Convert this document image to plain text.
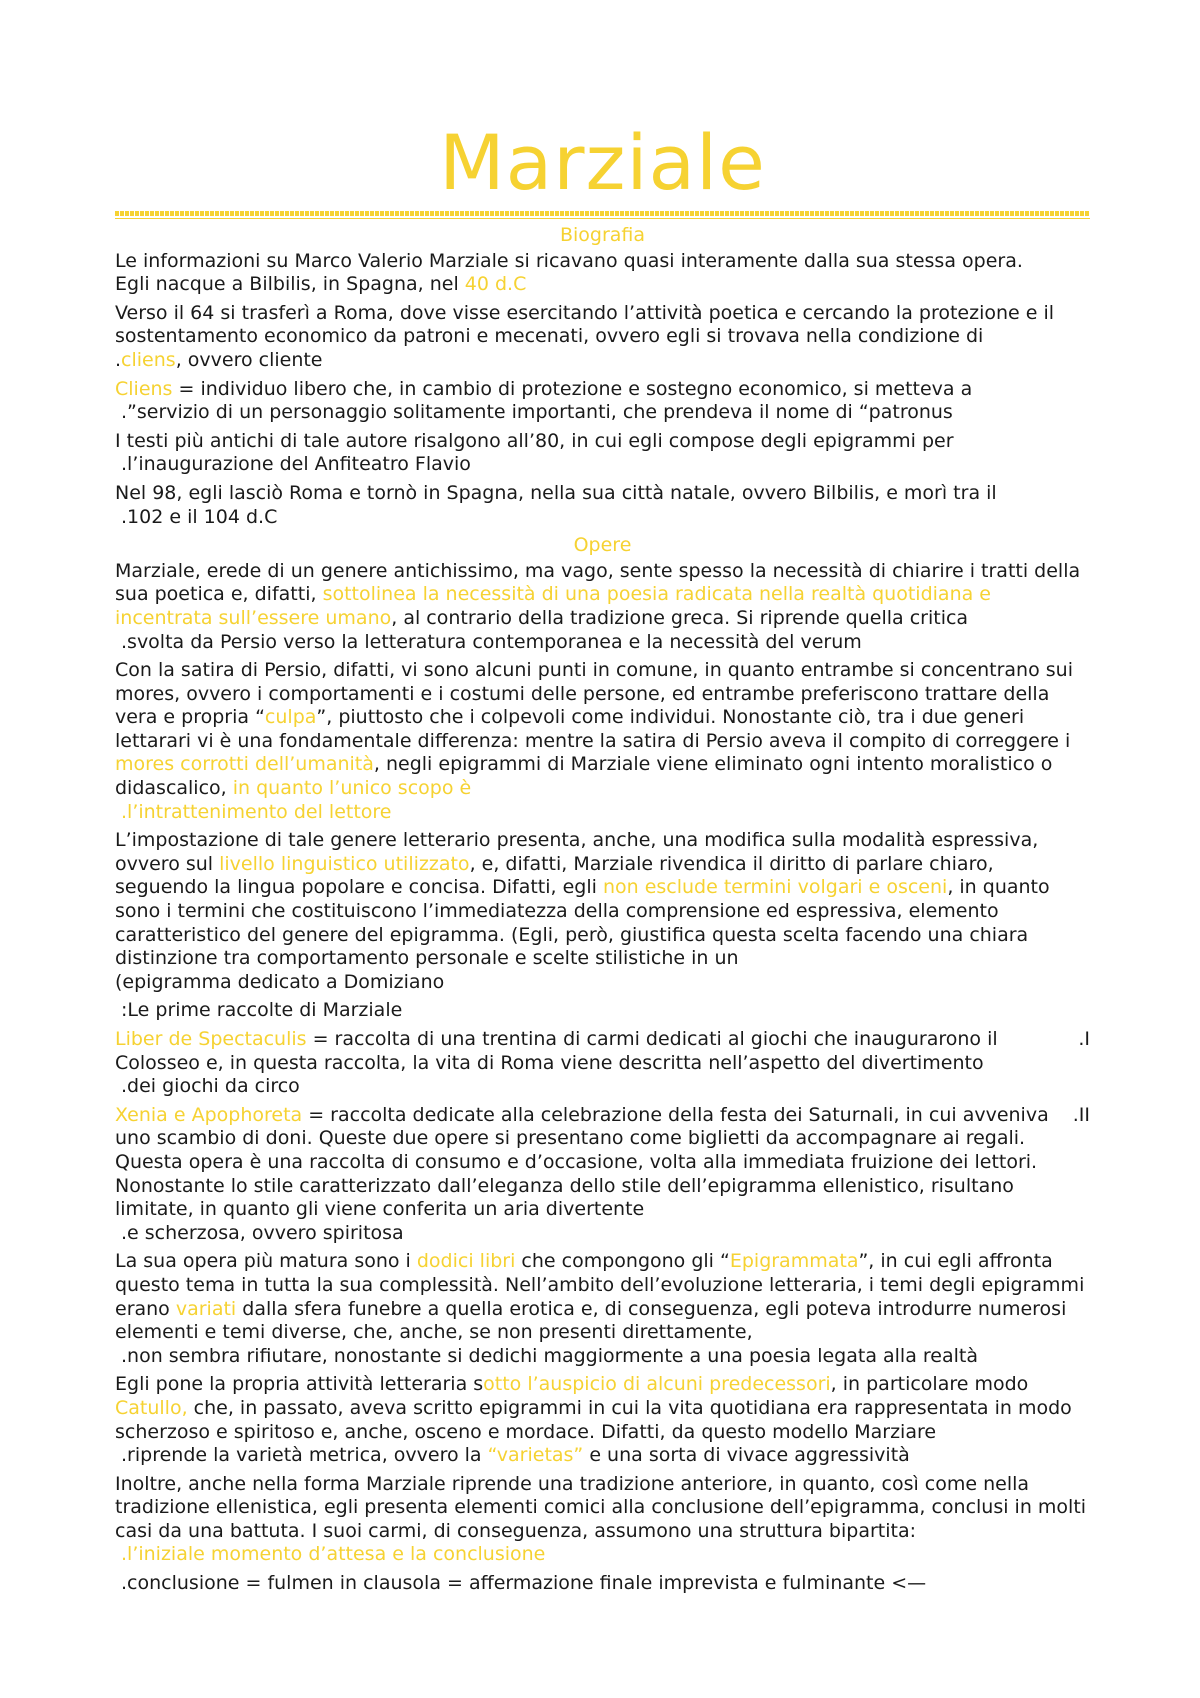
Marziale
Biografia
Le informazioni su Marco Valerio Marziale si ricavano quasi interamente dalla sua stessa opera.
Egli nacque a Bilbilis, in Spagna, nel 40 d.C
Verso il 64 si trasferì a Roma, dove visse esercitando l’attività poetica e cercando la protezione e il sostentamento economico da patroni e mecenati, ovvero egli si trovava nella condizione di
.cliens, ovvero cliente
Cliens = individuo libero che, in cambio di protezione e sostegno economico, si metteva a
.”servizio di un personaggio solitamente importanti, che prendeva il nome di “patronus
I testi più antichi di tale autore risalgono all’80, in cui egli compose degli epigrammi per
.l’inaugurazione del Anfiteatro Flavio
Nel 98, egli lasciò Roma e tornò in Spagna, nella sua città natale, ovvero Bilbilis, e morì tra il
.102 e il 104 d.C
Opere
Marziale, erede di un genere antichissimo, ma vago, sente spesso la necessità di chiarire i tratti della sua poetica e, difatti, sottolinea la necessità di una poesia radicata nella realtà quotidiana e incentrata sull’essere umano, al contrario della tradizione greca. Si riprende quella critica
.svolta da Persio verso la letteratura contemporanea e la necessità del verum
Con la satira di Persio, difatti, vi sono alcuni punti in comune, in quanto entrambe si concentrano sui mores, ovvero i comportamenti e i costumi delle persone, ed entrambe preferiscono trattare della vera e propria “culpa”, piuttosto che i colpevoli come individui. Nonostante ciò, tra i due generi lettarari vi è una fondamentale differenza: mentre la satira di Persio aveva il compito di correggere i mores corrotti dell’umanità, negli epigrammi di Marziale viene eliminato ogni intento moralistico o didascalico, in quanto l’unico scopo è
.l’intrattenimento del lettore
L’impostazione di tale genere letterario presenta, anche, una modifica sulla modalità espressiva, ovvero sul livello linguistico utilizzato, e, difatti, Marziale rivendica il diritto di parlare chiaro, seguendo la lingua popolare e concisa. Difatti, egli non esclude termini volgari e osceni, in quanto sono i termini che costituiscono l’immediatezza della comprensione ed espressiva, elemento caratteristico del genere del epigramma. (Egli, però, giustifica questa scelta facendo una chiara distinzione tra comportamento personale e scelte stilistiche in un
(epigramma dedicato a Domiziano
:Le prime raccolte di Marziale
Liber de Spectaculis = raccolta di una trentina di carmi dedicati al giochi che inaugurarono il Colosseo e, in questa raccolta, la vita di Roma viene descritta nell’aspetto del divertimento
.dei giochi da circo
.I
Xenia e Apophoreta = raccolta dedicate alla celebrazione della festa dei Saturnali, in cui avveniva uno scambio di doni. Queste due opere si presentano come biglietti da accompagnare ai regali. Questa opera è una raccolta di consumo e d’occasione, volta alla immediata fruizione dei lettori. Nonostante lo stile caratterizzato dall’eleganza dello stile dell’epigramma ellenistico, risultano limitate, in quanto gli viene conferita un aria divertente
.e scherzosa, ovvero spiritosa
.II
La sua opera più matura sono i dodici libri che compongono gli “Epigrammata”, in cui egli affronta questo tema in tutta la sua complessità. Nell’ambito dell’evoluzione letteraria, i temi degli epigrammi erano variati dalla sfera funebre a quella erotica e, di conseguenza, egli poteva introdurre numerosi elementi e temi diverse, che, anche, se non presenti direttamente,
.non sembra rifiutare, nonostante si dedichi maggiormente a una poesia legata alla realtà
Egli pone la propria attività letteraria sotto l’auspicio di alcuni predecessori, in particolare modo Catullo, che, in passato, aveva scritto epigrammi in cui la vita quotidiana era rappresentata in modo scherzoso e spiritoso e, anche, osceno e mordace. Difatti, da questo modello Marziare
.riprende la varietà metrica, ovvero la “varietas” e una sorta di vivace aggressività
Inoltre, anche nella forma Marziale riprende una tradizione anteriore, in quanto, così come nella tradizione ellenistica, egli presenta elementi comici alla conclusione dell’epigramma, conclusi in molti casi da una battuta. I suoi carmi, di conseguenza, assumono una struttura bipartita:
.l’iniziale momento d’attesa e la conclusione
.conclusione = fulmen in clausola = affermazione finale imprevista e fulminante <—
